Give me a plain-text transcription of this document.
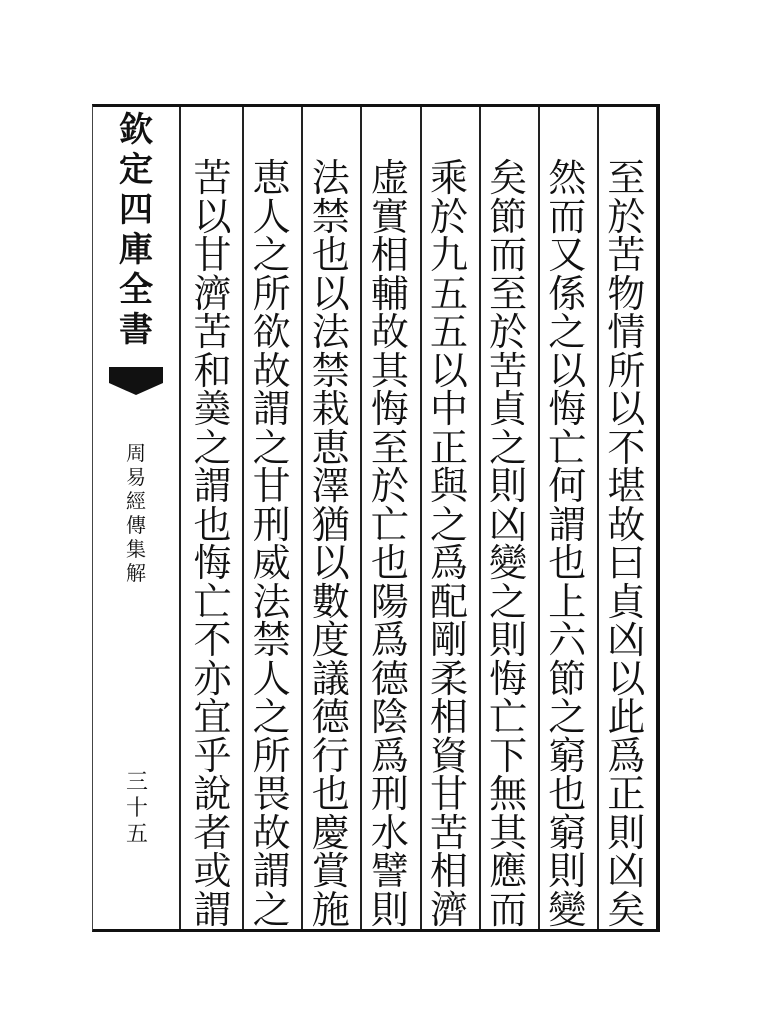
欽
定
四
庫
全
書
周
易
經
傳
集
解
三
十
五
至
於
苦
物
情
所
以
不
堪
故
曰
貞
凶
以
此
爲
正
則
凶
矣
然
而
又
係
之
以
悔
亡
何
謂
也
上
六
節
之
窮
也
窮
則
變
矣
節
而
至
於
苦
貞
之
則
凶
變
之
則
悔
亡
下
無
其
應
而
乘
於
九
五
五
以
中
正
與
之
爲
配
剛
柔
相
資
甘
苦
相
濟
虚
實
相
輔
故
其
悔
至
於
亡
也
陽
爲
德
陰
爲
刑
水
譬
則
法
禁
也
以
法
禁
栽
恵
澤
猶
以
數
度
議
德
行
也
慶
賞
施
恵
人
之
所
欲
故
謂
之
甘
刑
威
法
禁
人
之
所
畏
故
謂
之
苦
以
甘
濟
苦
和
羮
之
謂
也
悔
亡
不
亦
宜
乎
說
者
或
謂
